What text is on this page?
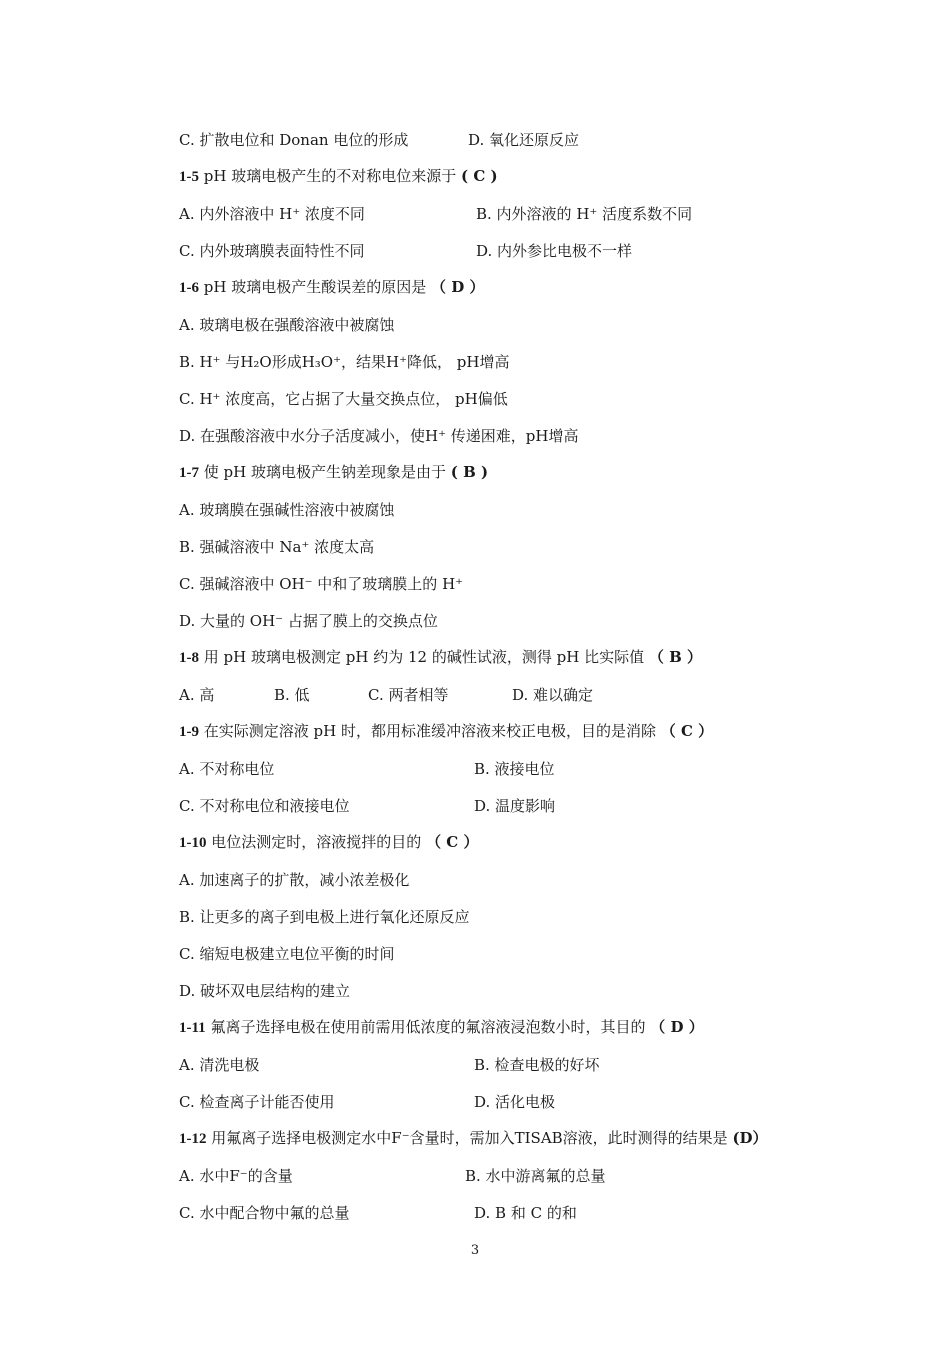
C. 扩散电位和 Donan 电位的形成	D. 氧化还原反应
1-5 pH 玻璃电极产生的不对称电位来源于 ( C )
A. 内外溶液中 H⁺ 浓度不同	B. 内外溶液的 H⁺ 活度系数不同
C. 内外玻璃膜表面特性不同	D. 内外参比电极不一样
1-6 pH 玻璃电极产生酸误差的原因是 （ D ）
A. 玻璃电极在强酸溶液中被腐蚀
B. H⁺ 与H₂O形成H₃O⁺，结果H⁺降低， pH增高
C. H⁺ 浓度高，它占据了大量交换点位， pH偏低
D. 在强酸溶液中水分子活度减小，使H⁺ 传递困难，pH增高
1-7 使 pH 玻璃电极产生钠差现象是由于 ( B )
A. 玻璃膜在强碱性溶液中被腐蚀
B. 强碱溶液中 Na⁺ 浓度太高
C. 强碱溶液中 OH⁻ 中和了玻璃膜上的 H⁺
D. 大量的 OH⁻ 占据了膜上的交换点位
1-8 用 pH 玻璃电极测定 pH 约为 12 的碱性试液，测得 pH 比实际值 （ B ）
A. 高	B. 低	C. 两者相等	D. 难以确定
1-9 在实际测定溶液 pH 时，都用标准缓冲溶液来校正电极，目的是消除 （ C ）
A. 不对称电位	B. 液接电位
C. 不对称电位和液接电位	D. 温度影响
1-10 电位法测定时，溶液搅拌的目的 （ C ）
A. 加速离子的扩散，减小浓差极化
B. 让更多的离子到电极上进行氧化还原反应
C. 缩短电极建立电位平衡的时间
D. 破坏双电层结构的建立
1-11 氟离子选择电极在使用前需用低浓度的氟溶液浸泡数小时，其目的 （ D ）
A. 清洗电极	B. 检查电极的好坏
C. 检查离子计能否使用	D. 活化电极
1-12 用氟离子选择电极测定水中F⁻含量时，需加入TISAB溶液，此时测得的结果是 (D）
A. 水中F⁻的含量	B. 水中游离氟的总量
C. 水中配合物中氟的总量	D. B 和 C 的和
3
